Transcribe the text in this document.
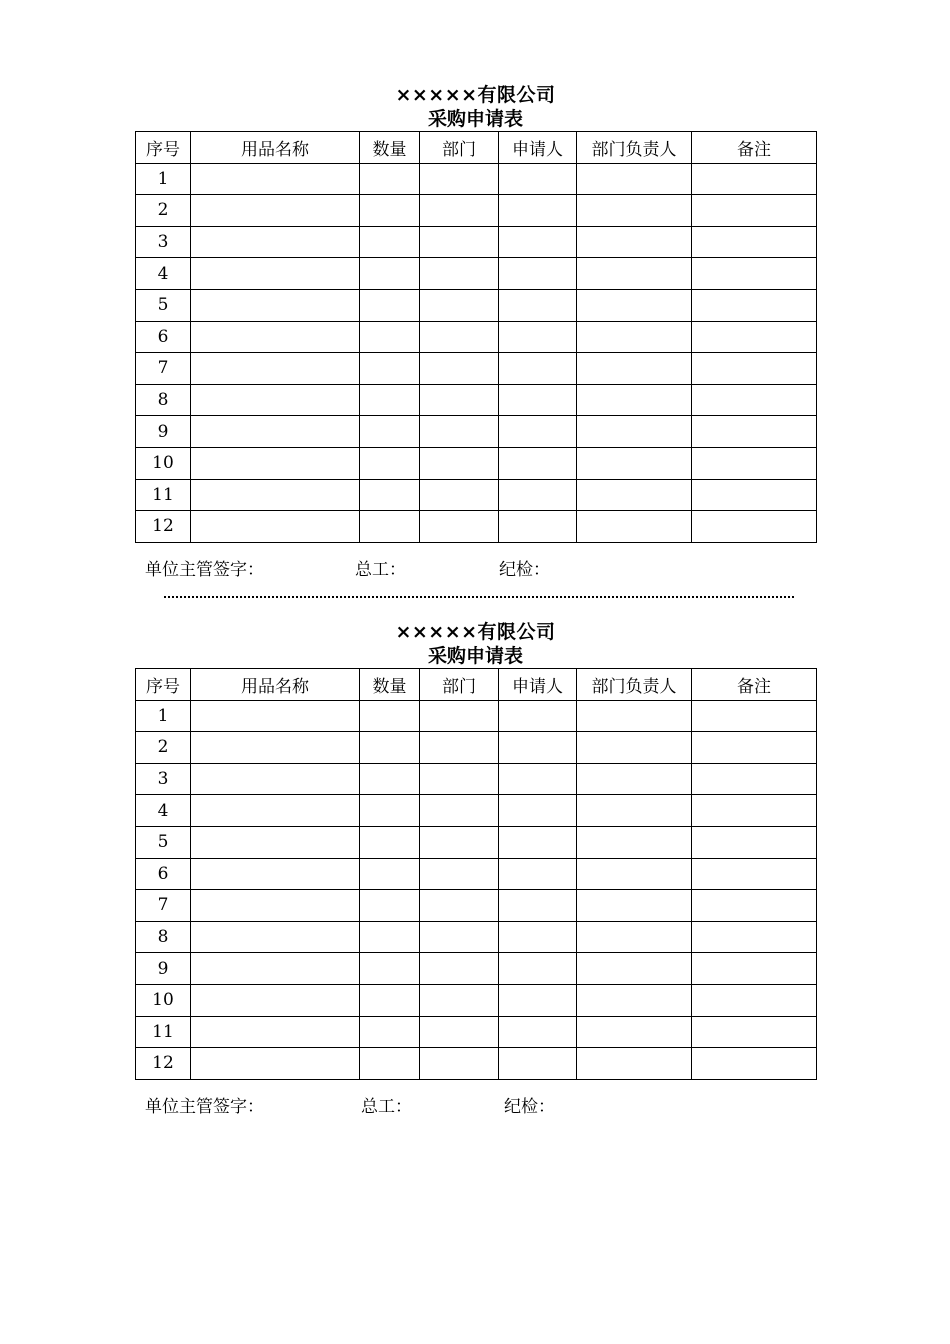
×××××有限公司
采购申请表
序号	用品名称	数量	部门	申请人	部门负责人	备注
1						
2						
3						
4						
5						
6						
7						
8						
9						
10						
11						
12						
单位主管签字：	总工：	纪检：
×××××有限公司
采购申请表
序号	用品名称	数量	部门	申请人	部门负责人	备注
1						
2						
3						
4						
5						
6						
7						
8						
9						
10						
11						
12						
单位主管签字：	总工：	纪检：
